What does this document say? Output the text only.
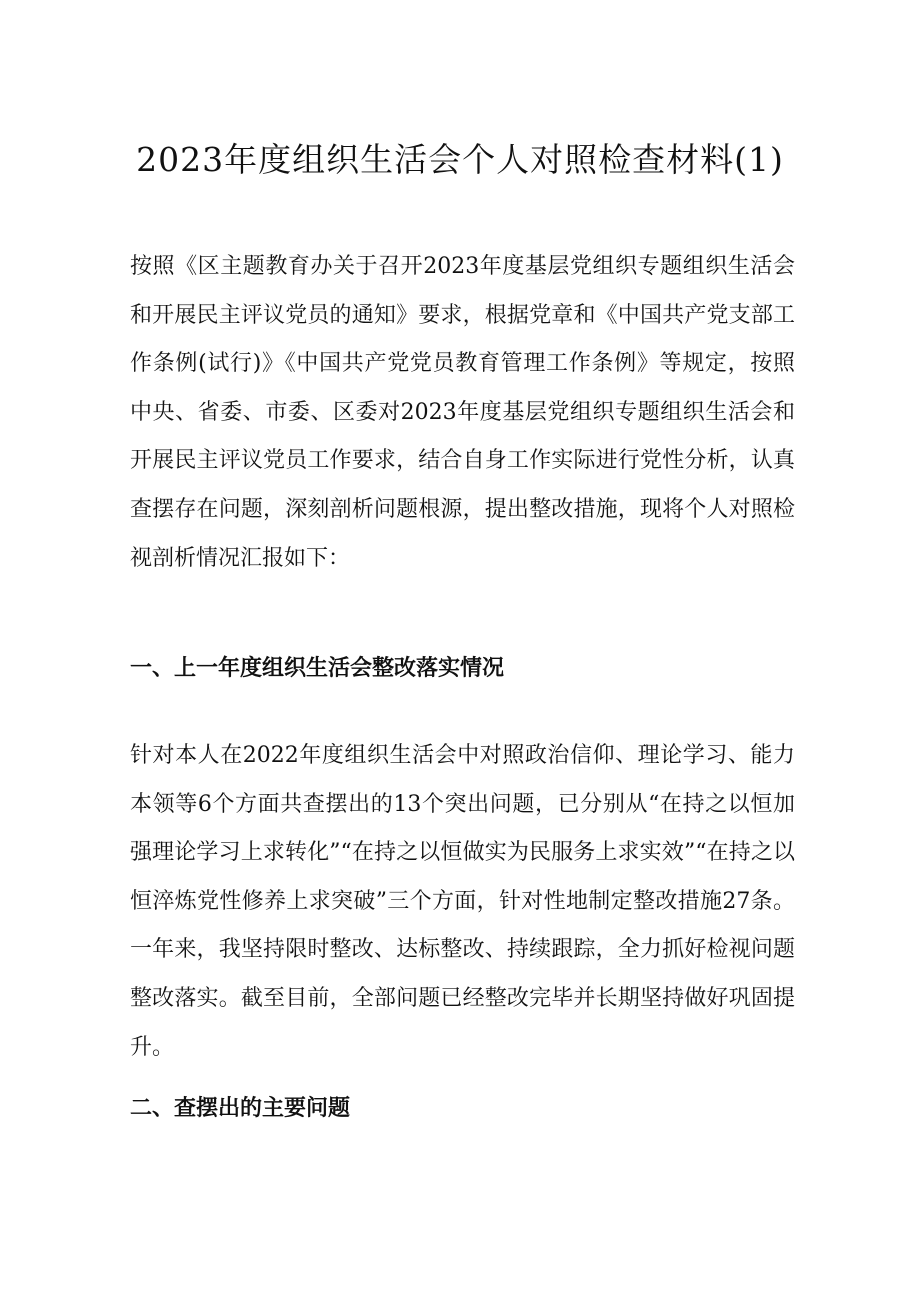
2023年度组织生活会个人对照检查材料(1)

按照《区主题教育办关于召开2023年度基层党组织专题组织生活会和开展民主评议党员的通知》要求，根据党章和《中国共产党支部工作条例(试行)》《中国共产党党员教育管理工作条例》等规定，按照中央、省委、市委、区委对2023年度基层党组织专题组织生活会和开展民主评议党员工作要求，结合自身工作实际进行党性分析，认真查摆存在问题，深刻剖析问题根源，提出整改措施，现将个人对照检视剖析情况汇报如下：

一、上一年度组织生活会整改落实情况

针对本人在2022年度组织生活会中对照政治信仰、理论学习、能力本领等6个方面共查摆出的13个突出问题，已分别从“在持之以恒加强理论学习上求转化”“在持之以恒做实为民服务上求实效”“在持之以恒淬炼党性修养上求突破”三个方面，针对性地制定整改措施27条。一年来，我坚持限时整改、达标整改、持续跟踪，全力抓好检视问题整改落实。截至目前，全部问题已经整改完毕并长期坚持做好巩固提升。

二、查摆出的主要问题
